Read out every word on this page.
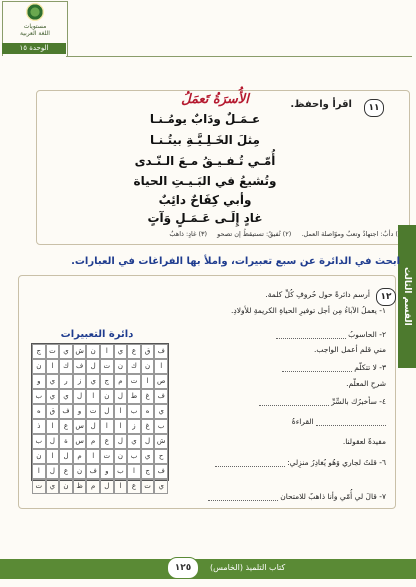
مستويات
اللغة العربية
الوحدة ١٥
١١
اقرأ واحفظ.
الأُسرَةُ تَعمَلُ
عـمَـلٌ ودَابٌ يومُـنـا
مِثلَ الخَـلِـيَّـةِ بيتُـنـا
أُمّـي تُـفـيـقُ مـعَ الـنّـدى
وتُشيعُ في البَـيـتِ الحياة
وأبي كِفَاحٌ دائِبٌ
غادٍ إِلَـى عَـمَـلٍ وَآتٍ
) دأبٌ: اجتهادٌ وتعبٌ وموّاصلة العمل. (٢) تُفيقُ: تستيقظُ إن تصحو (٣) غادٍ: ذاهبٌ
القسم الثالث
ابحث في الدائرة عن سبع تعبيرات، واملأ بها الفراغات في العبارات.
١٢
أرسم دائرةً حول حُروفِ كُلِّ كلمة.
١- يعملُ الآباءُ مِن أجل توفيرِ الحياةِ الكريمةِ للأولادِ.
٢- الحاسوبُ
مني قلم أعمل الواجب.
٣- لا تتكلّم
شرحِ المعلّم.
٤- سأخبرُك بالسِّرِّ
القراءةُ
مفيدةٌ لعقولنا.
٦- قلتُ لجاري وَهُو يُغادِرُ منزِلي:
٧- قالَ لي أُمّي وأنا ذاهبٌ للامتحان
دائرة التعبيرات
ج	ت	ي ش ن	ا	ي	ع	ق	ف
ن	ا	ك	ف	ل	ت	ن	ك	ن	ا
و	ي	ر	ز	ي	ج	م	ت	ا	ص
ب	ي	ي	ل	ا	ن	ل	ط	غ	ف
ه	ق	ف	و	ت	ل	ا	ب	ه	ي
ذ	ا	ع	س ل	ا	ا	ز	غ	ب
ب	ل	ة	س	م	ع	ل	ي	ل ش
ن	ا	ل	م	ا	ت	ن	ب	ي	ح
ا	ل	ع	ن	ف	و	ب	ا	ج	ف
ت	ي	ن	ظ	م	ل	ا	ع	ت	ي
١٢٥	كتاب التلميذ (الخامس)
